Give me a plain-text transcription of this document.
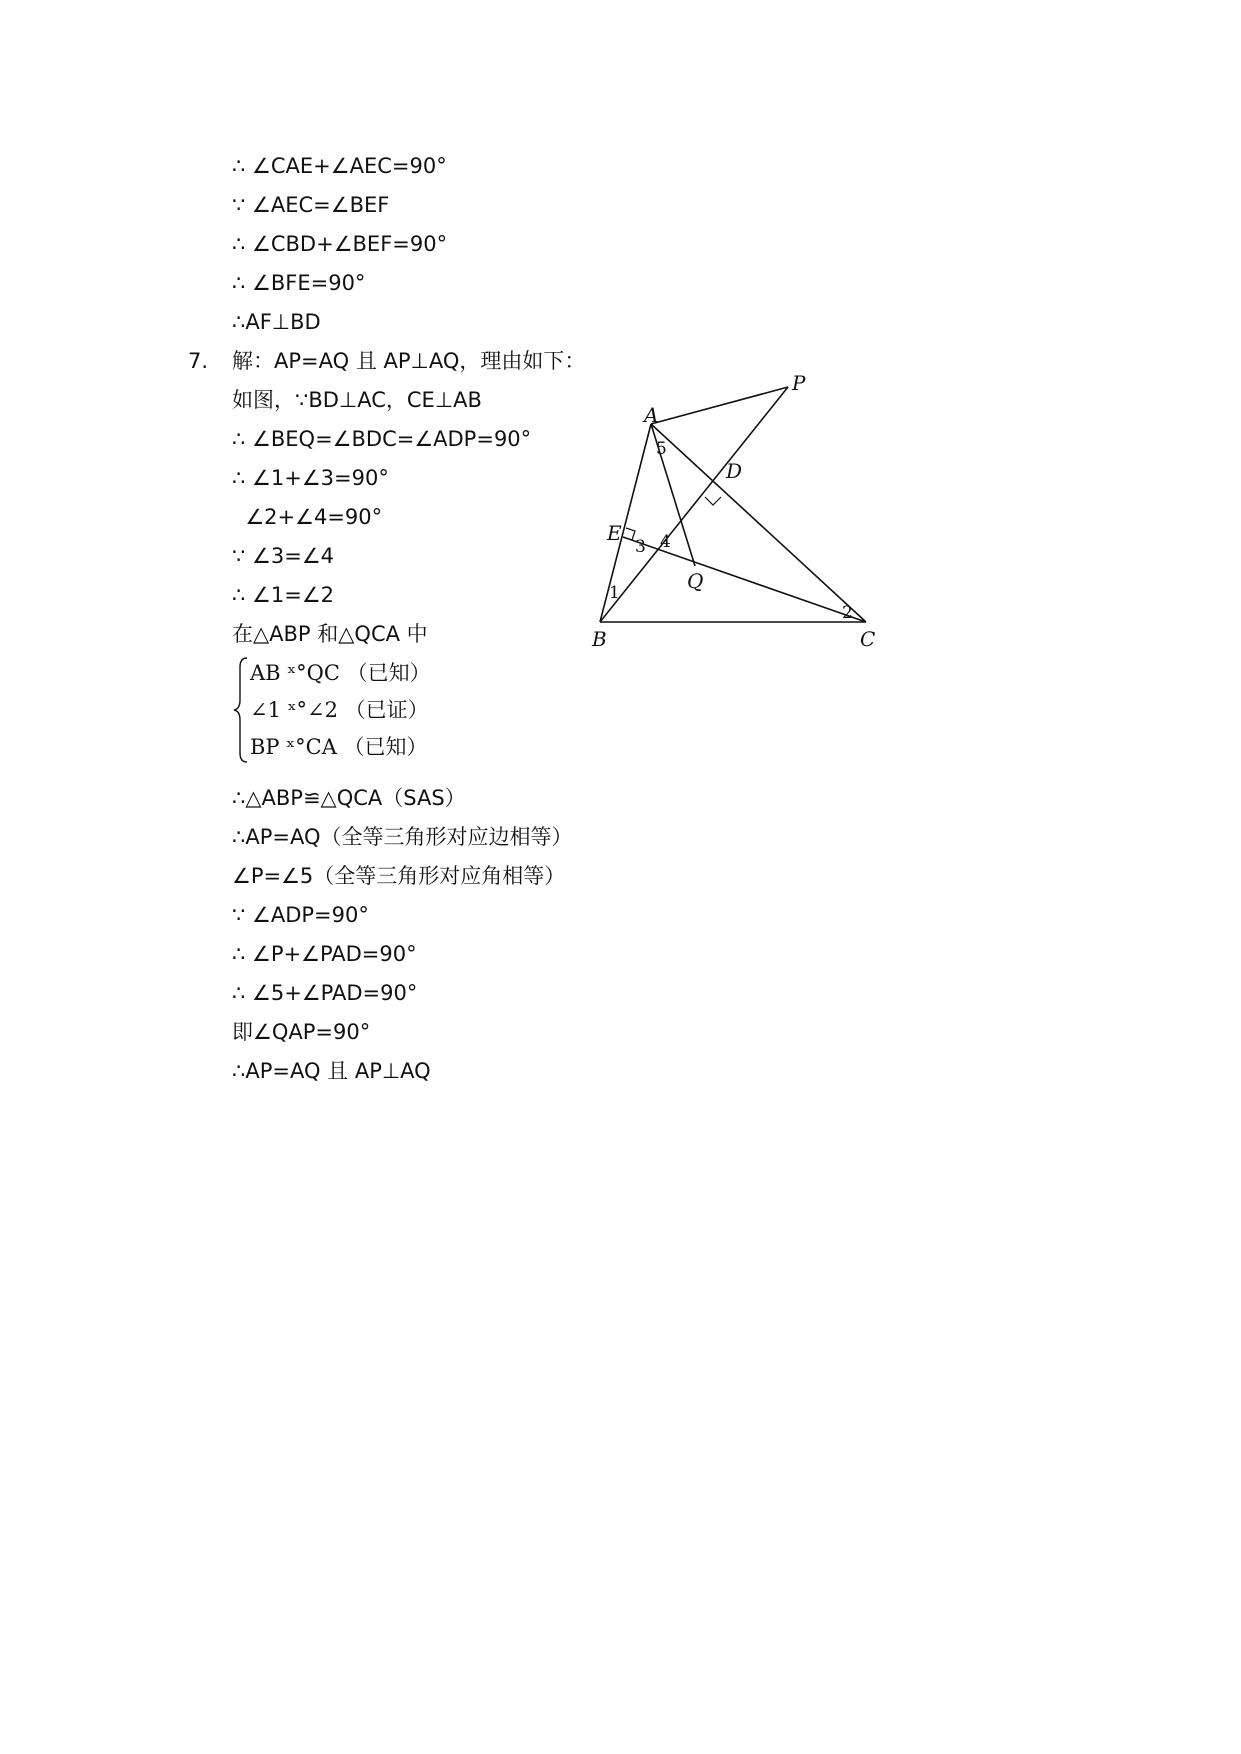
∴ ∠CAE+∠AEC=90°
∵ ∠AEC=∠BEF
∴ ∠CBD+∠BEF=90°
∴ ∠BFE=90°
∴AF⊥BD
7. 解：AP=AQ 且 AP⊥AQ，理由如下：
如图，∵BD⊥AC，CE⊥AB
∴ ∠BEQ=∠BDC=∠ADP=90°
∴ ∠1+∠3=90°
∠2+∠4=90°
∵ ∠3=∠4
∴ ∠1=∠2
在△ABP 和△QCA 中
AB ˣ°QC （已知）
∠1 ˣ°∠2 （已证）
BP ˣ°CA （已知）
∴△ABP≌△QCA（SAS）
∴AP=AQ（全等三角形对应边相等）
∠P=∠5（全等三角形对应角相等）
∵ ∠ADP=90°
∴ ∠P+∠PAD=90°
∴ ∠5+∠PAD=90°
即∠QAP=90°
∴AP=AQ 且 AP⊥AQ
A
P
D
E
Q
B	C
1
2
3 4
5
